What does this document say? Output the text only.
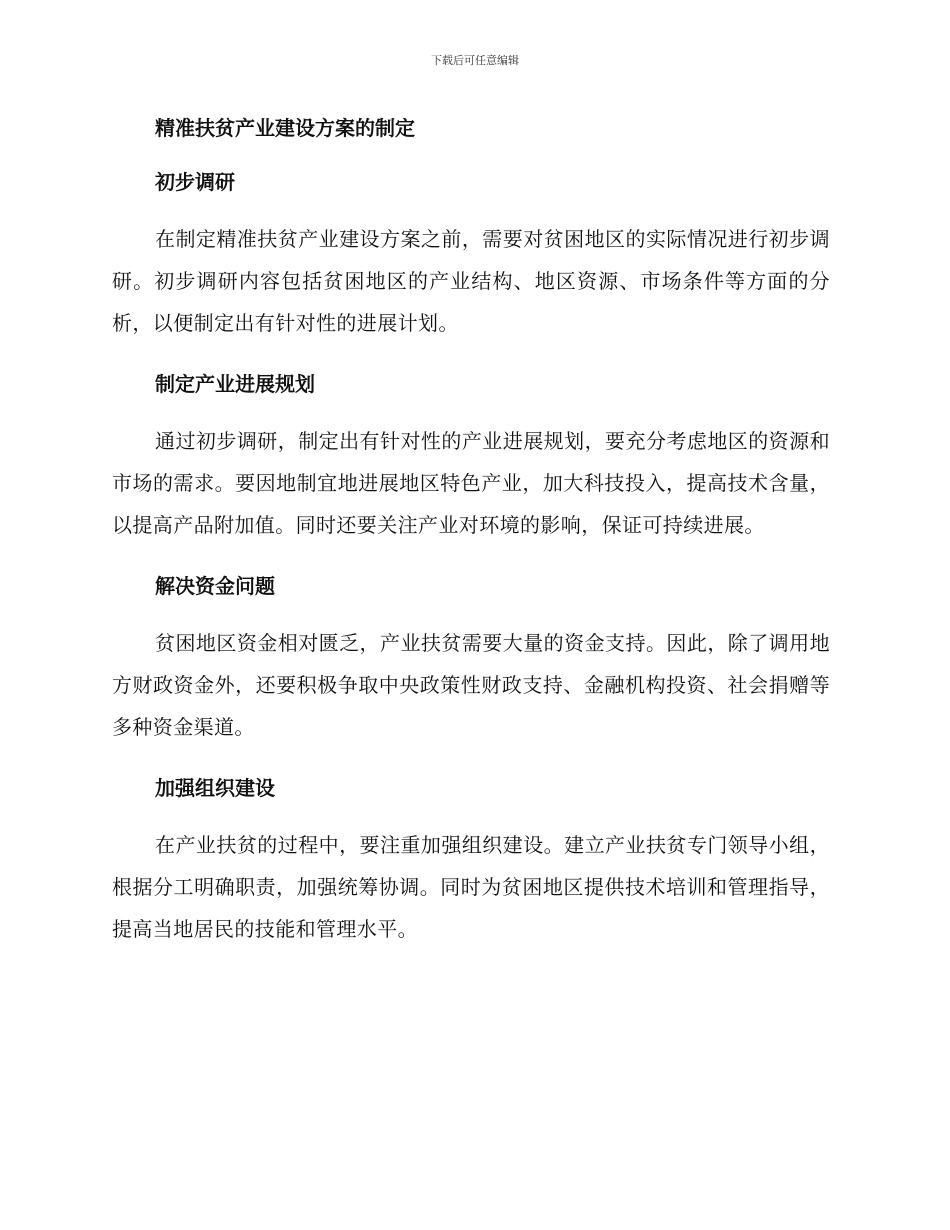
下载后可任意编辑
精准扶贫产业建设方案的制定
初步调研

在制定精准扶贫产业建设方案之前，需要对贫困地区的实际情况进行初步调研。初步调研内容包括贫困地区的产业结构、地区资源、市场条件等方面的分析，以便制定出有针对性的进展计划。

制定产业进展规划

通过初步调研，制定出有针对性的产业进展规划，要充分考虑地区的资源和市场的需求。要因地制宜地进展地区特色产业，加大科技投入，提高技术含量，以提高产品附加值。同时还要关注产业对环境的影响，保证可持续进展。

解决资金问题

贫困地区资金相对匮乏，产业扶贫需要大量的资金支持。因此，除了调用地方财政资金外，还要积极争取中央政策性财政支持、金融机构投资、社会捐赠等多种资金渠道。

加强组织建设

在产业扶贫的过程中，要注重加强组织建设。建立产业扶贫专门领导小组，根据分工明确职责，加强统筹协调。同时为贫困地区提供技术培训和管理指导，提高当地居民的技能和管理水平。
